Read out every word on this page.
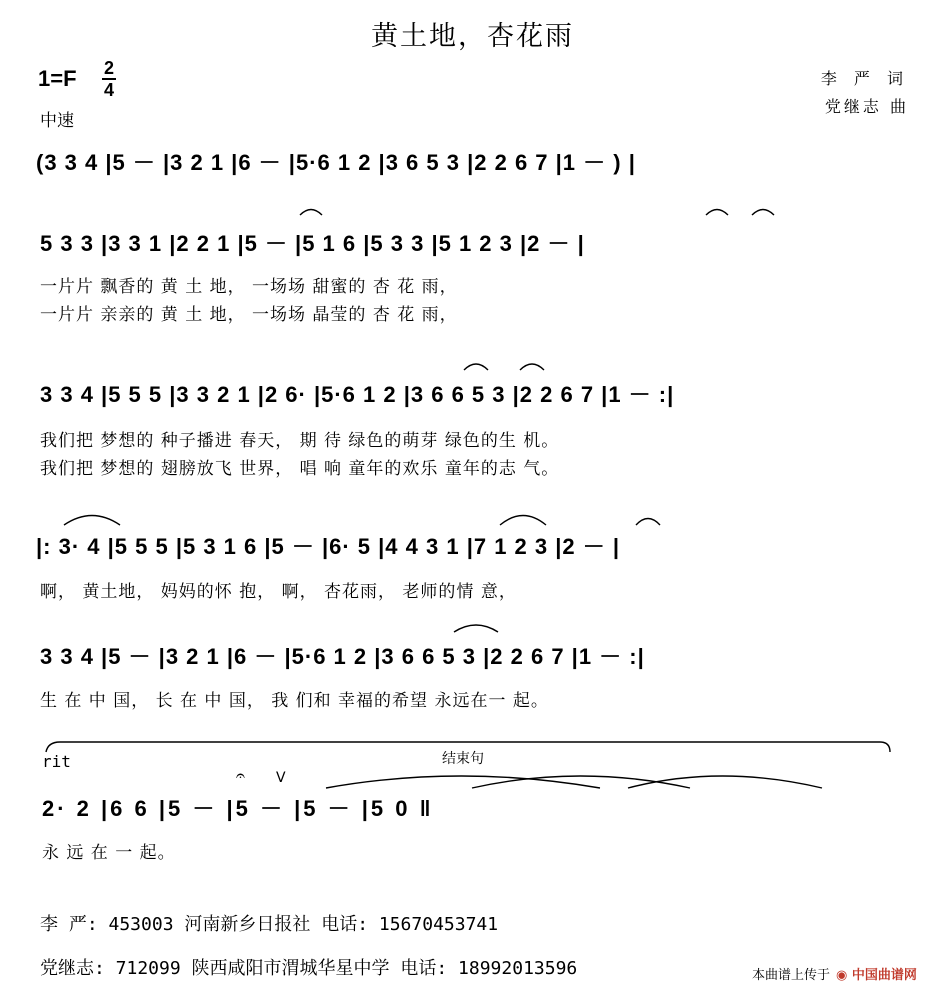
黄土地，杏花雨
1=F 2
4
中速
李 严 词
党继志 曲
(3 3 4 |5 － |3 2 1 |6 － |5·6 1 2 |3 6 5 3 |2 2 6 7 |1 － ) |
5 3 3 |3 3 1 |2 2 1 |5 － |5 1 6 |5 3 3 |5 1 2 3 |2 － |
一片片 飘香的 黄 土 地， 一场场 甜蜜的 杏 花 雨，
一片片 亲亲的 黄 土 地， 一场场 晶莹的 杏 花 雨，
3 3 4 |5 5 5 |3 3 2 1 |2 6· |5·6 1 2 |3 6 6 5 3 |2 2 6 7 |1 － :|
我们把 梦想的 种子播进 春天， 期 待 绿色的萌芽 绿色的生 机。
我们把 梦想的 翅膀放飞 世界， 唱 响 童年的欢乐 童年的志 气。
|: 3· 4 |5 5 5 |5 3 1 6 |5 － |6· 5 |4 4 3 1 |7 1 2 3 |2 － |
啊， 黄土地， 妈妈的怀 抱， 啊， 杏花雨， 老师的情 意，
3 3 4 |5 － |3 2 1 |6 － |5·6 1 2 |3 6 6 5 3 |2 2 6 7 |1 － :|
生 在 中 国， 长 在 中 国， 我 们和 幸福的希望 永远在一 起。
rit	结束句
V
𝄐
2· 2 |6 6 |5 － |5 － |5 － |5 0 ‖
永 远 在 一 起。
李 严: 453003 河南新乡日报社 电话: 15670453741
党继志: 712099 陕西咸阳市渭城华星中学 电话: 18992013596	本曲谱上传于 ◉ 中国曲谱网
